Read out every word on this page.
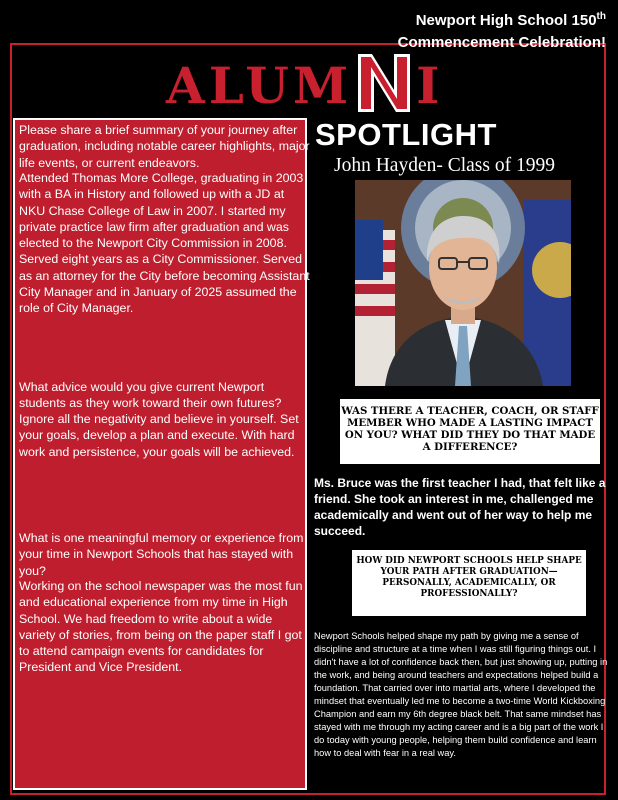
Newport High School 150th
Commencement Celebration!
ALUM I
Please share a brief summary of your journey after graduation, including notable career highlights, major life events, or current endeavors.
Attended Thomas More College, graduating in 2003 with a BA in History and followed up with a JD at NKU Chase College of Law in 2007. I started my private practice law firm after graduation and was elected to the Newport City Commission in 2008. Served eight years as a City Commissioner. Served as an attorney for the City before becoming Assistant City Manager and in January of 2025 assumed the role of City Manager.
What advice would you give current Newport students as they work toward their own futures?
Ignore all the negativity and believe in yourself. Set your goals, develop a plan and execute. With hard work and persistence, your goals will be achieved.
What is one meaningful memory or experience from your time in Newport Schools that has stayed with you?
Working on the school newspaper was the most fun and educational experience from my time in High School. We had freedom to write about a wide variety of stories, from being on the paper staff I got to attend campaign events for candidates for President and Vice President.
SPOTLIGHT
John Hayden- Class of 1999
WAS THERE A TEACHER, COACH, OR STAFF MEMBER WHO MADE A LASTING IMPACT ON YOU? WHAT DID THEY DO THAT MADE A DIFFERENCE?
Ms. Bruce was the first teacher I had, that felt like a friend. She took an interest in me, challenged me academically and went out of her way to help me succeed.
HOW DID NEWPORT SCHOOLS HELP SHAPE YOUR PATH AFTER GRADUATION—PERSONALLY, ACADEMICALLY, OR PROFESSIONALLY?
Newport Schools helped shape my path by giving me a sense of discipline and structure at a time when I was still figuring things out. I didn't have a lot of confidence back then, but just showing up, putting in the work, and being around teachers and expectations helped build a foundation. That carried over into martial arts, where I developed the mindset that eventually led me to become a two-time World Kickboxing Champion and earn my 6th degree black belt. That same mindset has stayed with me through my acting career and is a big part of the work I do today with young people, helping them build confidence and learn how to deal with fear in a real way.
